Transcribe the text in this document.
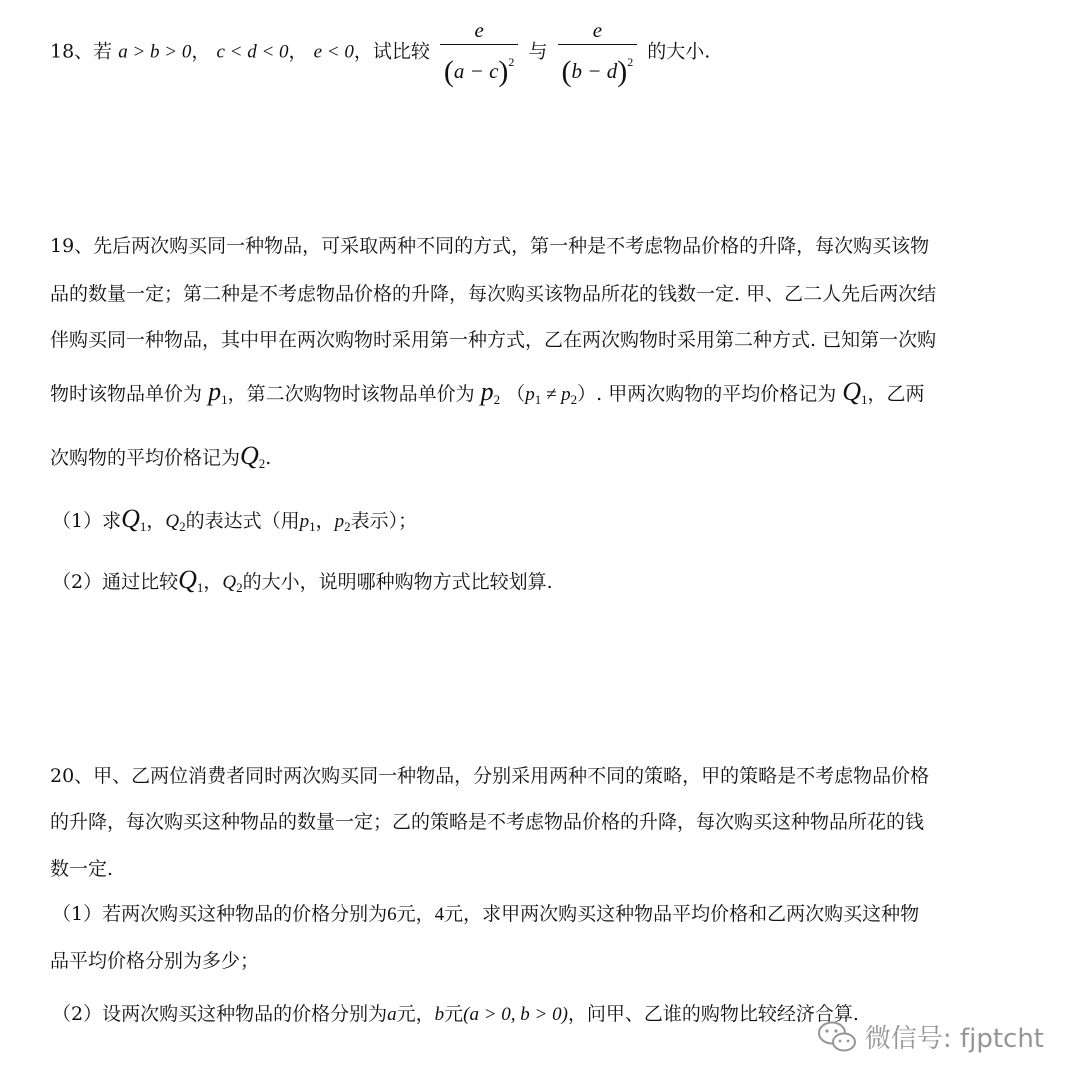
18、若 a > b > 0， c < d < 0， e < 0，试比较 $\frac{e}{(a - c)^2}$ 与 $\frac{e}{(b - d)^2}$ 的大小.
19、先后两次购买同一种物品，可采取两种不同的方式，第一种是不考虑物品价格的升降，每次购买该物
品的数量一定；第二种是不考虑物品价格的升降，每次购买该物品所花的钱数一定. 甲、乙二人先后两次结
伴购买同一种物品，其中甲在两次购物时采用第一种方式，乙在两次购物时采用第二种方式. 已知第一次购
物时该物品单价为 $p_1$，第二次购物时该物品单价为 $p_2$ $(p_1 \ne p_2)$. 甲两次购物的平均价格记为 $Q_1$，乙两
次购物的平均价格记为$Q_2$.
（1）求$Q_1$，$Q_2$的表达式（用$p_1$，$p_2$表示）；
（2）通过比较$Q_1$，$Q_2$的大小，说明哪种购物方式比较划算.
20、甲、乙两位消费者同时两次购买同一种物品，分别采用两种不同的策略，甲的策略是不考虑物品价格
的升降，每次购买这种物品的数量一定；乙的策略是不考虑物品价格的升降，每次购买这种物品所花的钱
数一定.
（1）若两次购买这种物品的价格分别为6元，4元，求甲两次购买这种物品平均价格和乙两次购买这种物
品平均价格分别为多少；
（2）设两次购买这种物品的价格分别为a元，b元(a > 0, b > 0)，问甲、乙谁的购物比较经济合算.
微信号: fjptcht
